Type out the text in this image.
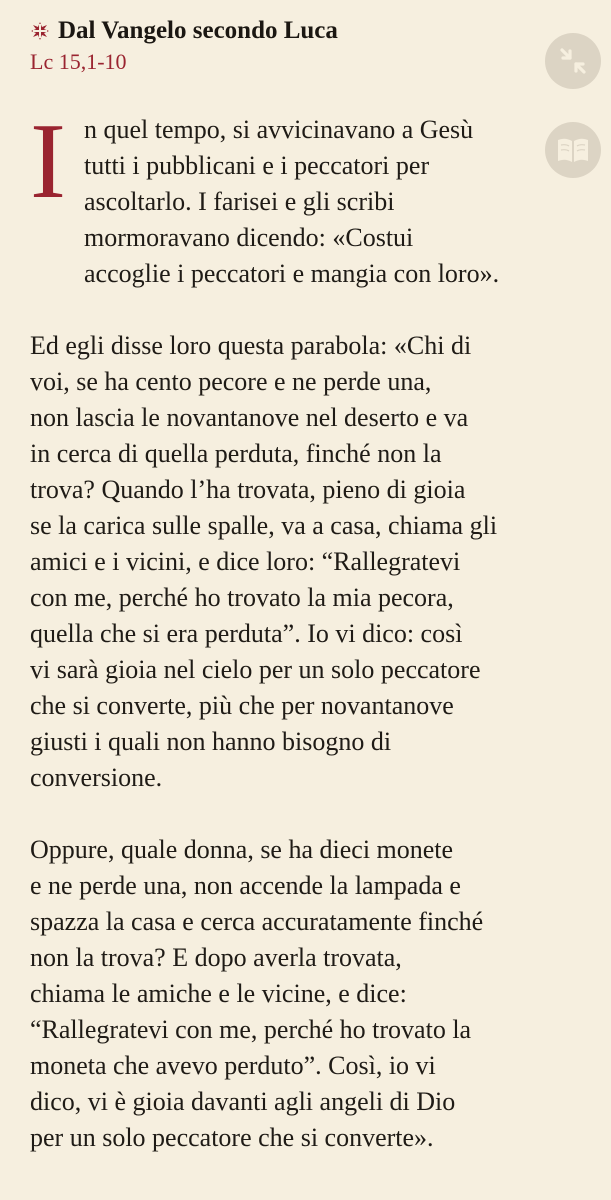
Dal Vangelo secondo Luca
Lc 15,1-10
I n quel tempo, si avvicinavano a Gesù
tutti i pubblicani e i peccatori per
ascoltarlo. I farisei e gli scribi
mormoravano dicendo: «Costui
accoglie i peccatori e mangia con loro».

Ed egli disse loro questa parabola: «Chi di
voi, se ha cento pecore e ne perde una,
non lascia le novantanove nel deserto e va
in cerca di quella perduta, finché non la
trova? Quando l’ha trovata, pieno di gioia
se la carica sulle spalle, va a casa, chiama gli
amici e i vicini, e dice loro: “Rallegratevi
con me, perché ho trovato la mia pecora,
quella che si era perduta”. Io vi dico: così
vi sarà gioia nel cielo per un solo peccatore
che si converte, più che per novantanove
giusti i quali non hanno bisogno di
conversione.

Oppure, quale donna, se ha dieci monete
e ne perde una, non accende la lampada e
spazza la casa e cerca accuratamente finché
non la trova? E dopo averla trovata,
chiama le amiche e le vicine, e dice:
“Rallegratevi con me, perché ho trovato la
moneta che avevo perduto”. Così, io vi
dico, vi è gioia davanti agli angeli di Dio
per un solo peccatore che si converte».
